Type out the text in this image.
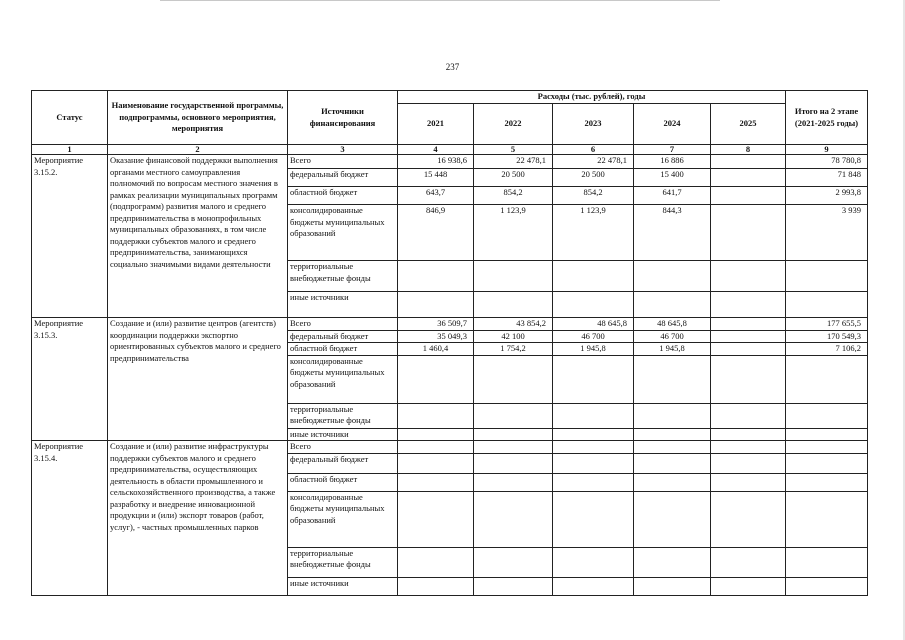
237
Статус	Наименование государственной программы, подпрограммы, основного мероприятия, мероприятия	Источники финансирования	Расходы (тыс. рублей), годы					Итого на 2 этапе (2021-2025 годы)
			2021	2022	2023	2024	2025	
1	2	3	4	5	6	7	8	9
Мероприятие 3.15.2.	Оказание финансовой поддержки выполнения органами местного самоуправления полномочий по вопросам местного значения в рамках реализации муниципальных программ (подпрограмм) развития малого и среднего предпринимательства в монопрофильных муниципальных образованиях, в том числе поддержки субъектов малого и среднего предпринимательства, занимающихся социально значимыми видами деятельности	Всего	16 938,6	22 478,1	22 478,1	16 886		78 780,8
		федеральный бюджет	15 448	20 500	20 500	15 400		71 848
		областной бюджет	643,7	854,2	854,2	641,7		2 993,8
		консолидированные бюджеты муниципальных образований	846,9	1 123,9	1 123,9	844,3		3 939
		территориальные внебюджетные фонды						
		иные источники						
Мероприятие 3.15.3.	Создание и (или) развитие центров (агентств) координации поддержки экспортно ориентированных субъектов малого и среднего предпринимательства	Всего	36 509,7	43 854,2	48 645,8	48 645,8		177 655,5
		федеральный бюджет	35 049,3	42 100	46 700	46 700		170 549,3
		областной бюджет	1 460,4	1 754,2	1 945,8	1 945,8		7 106,2
		консолидированные бюджеты муниципальных образований						
		территориальные внебюджетные фонды						
		иные источники						
Мероприятие 3.15.4.	Создание и (или) развитие инфраструктуры поддержки субъектов малого и среднего предпринимательства, осуществляющих деятельность в области промышленного и сельскохозяйственного производства, а также разработку и внедрение инновационной продукции и (или) экспорт товаров (работ, услуг), - частных промышленных парков	Всего						
		федеральный бюджет						
		областной бюджет						
		консолидированные бюджеты муниципальных образований						
		территориальные внебюджетные фонды						
		иные источники						
